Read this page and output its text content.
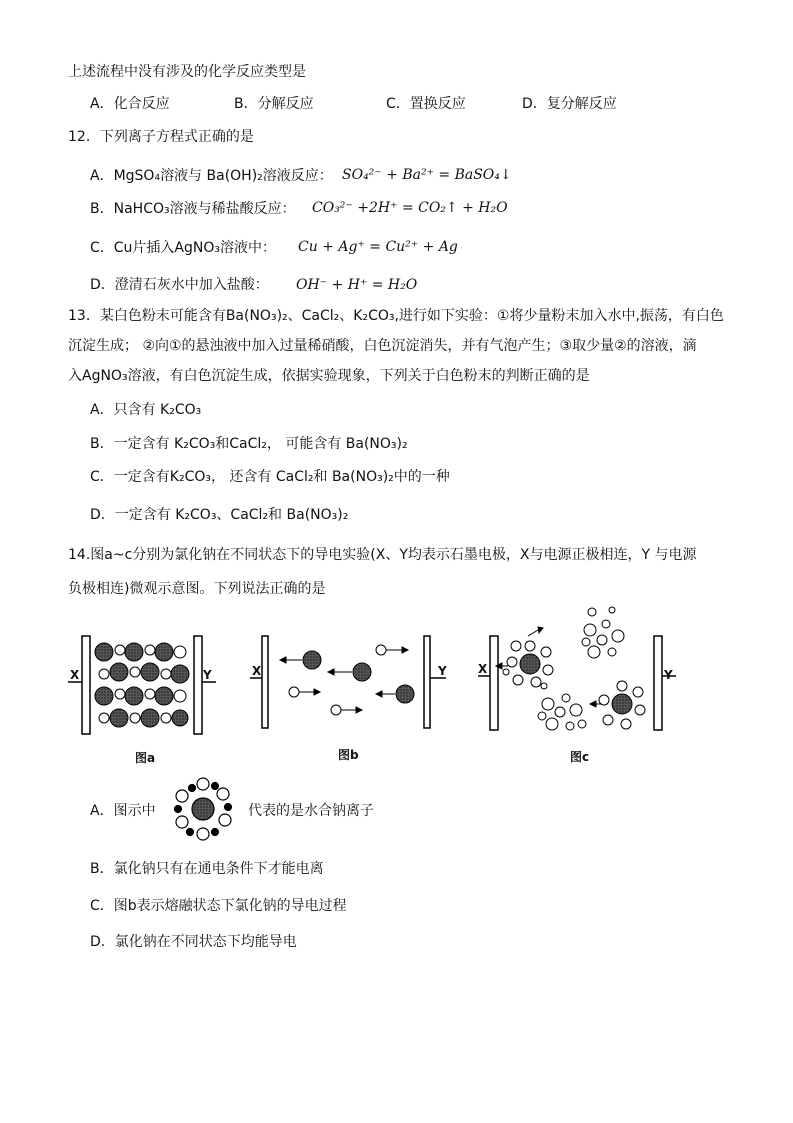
上述流程中没有涉及的化学反应类型是
A．化合反应	B．分解反应	C．置换反应	D．复分解反应
12．下列离子方程式正确的是
A．MgSO₄溶液与 Ba(OH)₂溶液反应： SO₄²⁻ + Ba²⁺ = BaSO₄↓
B．NaHCO₃溶液与稀盐酸反应： CO₃²⁻ +2H⁺ = CO₂↑ + H₂O
C．Cu片插入AgNO₃溶液中： Cu + Ag⁺ = Cu²⁺ + Ag
D．澄清石灰水中加入盐酸： OH⁻ + H⁺ = H₂O
13．某白色粉末可能含有Ba(NO₃)₂、CaCl₂、K₂CO₃,进行如下实验：①将少量粉末加入水中,振荡，有白色
沉淀生成； ②向①的悬浊液中加入过量稀硝酸，白色沉淀消失，并有气泡产生；③取少量②的溶液，滴
入AgNO₃溶液，有白色沉淀生成，依据实验现象，下列关于白色粉末的判断正确的是
A．只含有 K₂CO₃
B．一定含有 K₂CO₃和CaCl₂， 可能含有 Ba(NO₃)₂
C．一定含有K₂CO₃， 还含有 CaCl₂和 Ba(NO₃)₂中的一种
D．一定含有 K₂CO₃、CaCl₂和 Ba(NO₃)₂
14.图a~c分别为氯化钠在不同状态下的导电实验(X、Y均表示石墨电极，X与电源正极相连，Y 与电源
负极相连)微观示意图。下列说法正确的是
X	Y
图a
X	Y
图b
X	Y
图c
A．图示中	代表的是水合钠离子
B．氯化钠只有在通电条件下才能电离
C．图b表示熔融状态下氯化钠的导电过程
D．氯化钠在不同状态下均能导电
